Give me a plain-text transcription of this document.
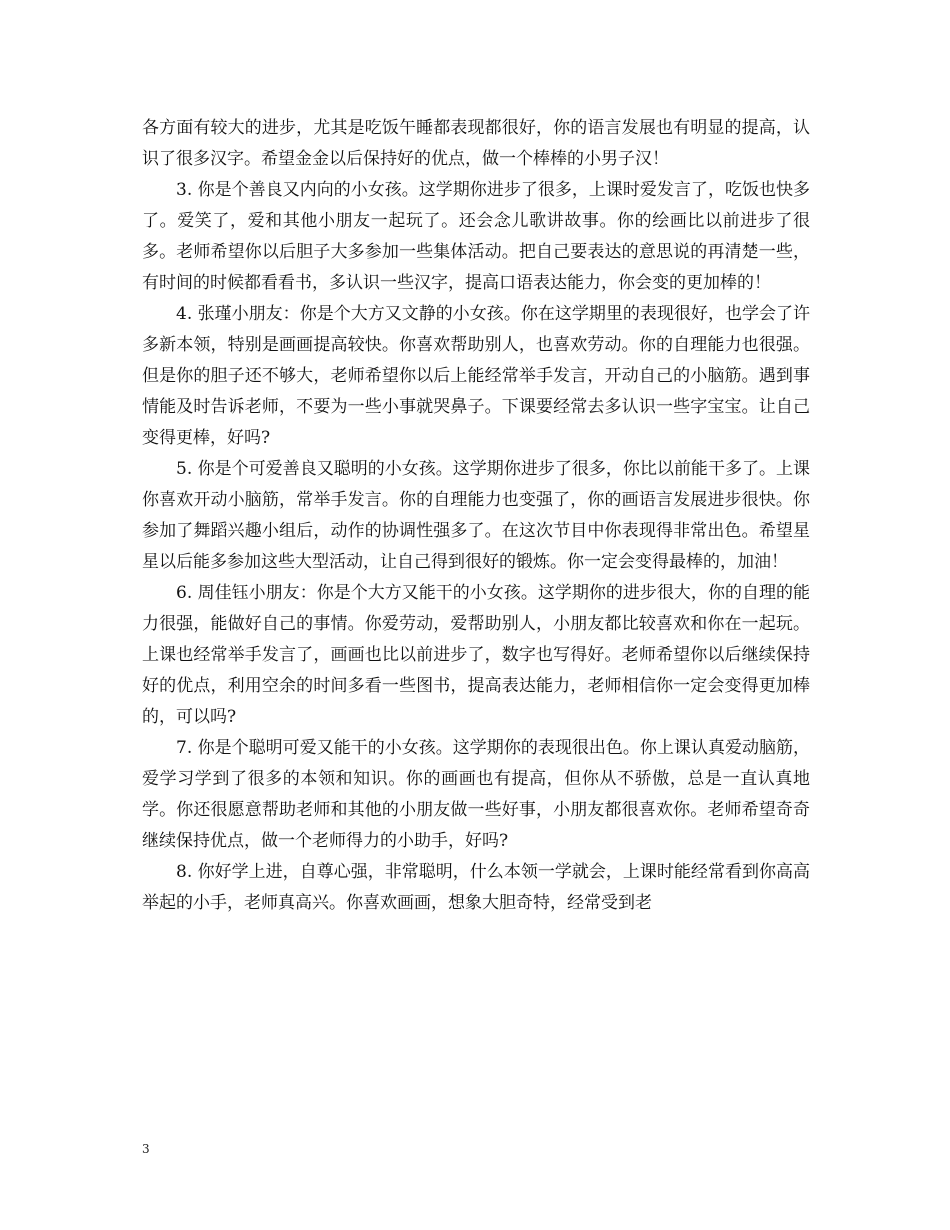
各方面有较大的进步，尤其是吃饭午睡都表现都很好，你的语言发展也有明显的提高，认识了很多汉字。希望金金以后保持好的优点，做一个棒棒的小男子汉！

3. 你是个善良又内向的小女孩。这学期你进步了很多，上课时爱发言了，吃饭也快多了。爱笑了，爱和其他小朋友一起玩了。还会念儿歌讲故事。你的绘画比以前进步了很多。老师希望你以后胆子大多参加一些集体活动。把自己要表达的意思说的再清楚一些，有时间的时候都看看书，多认识一些汉字，提高口语表达能力，你会变的更加棒的！

4. 张瑾小朋友：你是个大方又文静的小女孩。你在这学期里的表现很好，也学会了许多新本领，特别是画画提高较快。你喜欢帮助别人，也喜欢劳动。你的自理能力也很强。但是你的胆子还不够大，老师希望你以后上能经常举手发言，开动自己的小脑筋。遇到事情能及时告诉老师，不要为一些小事就哭鼻子。下课要经常去多认识一些字宝宝。让自己变得更棒，好吗?

5. 你是个可爱善良又聪明的小女孩。这学期你进步了很多，你比以前能干多了。上课你喜欢开动小脑筋，常举手发言。你的自理能力也变强了，你的画语言发展进步很快。你参加了舞蹈兴趣小组后，动作的协调性强多了。在这次节目中你表现得非常出色。希望星星以后能多参加这些大型活动，让自己得到很好的锻炼。你一定会变得最棒的，加油！

6. 周佳钰小朋友：你是个大方又能干的小女孩。这学期你的进步很大，你的自理的能力很强，能做好自己的事情。你爱劳动，爱帮助别人，小朋友都比较喜欢和你在一起玩。上课也经常举手发言了，画画也比以前进步了，数字也写得好。老师希望你以后继续保持好的优点，利用空余的时间多看一些图书，提高表达能力，老师相信你一定会变得更加棒的，可以吗?

7. 你是个聪明可爱又能干的小女孩。这学期你的表现很出色。你上课认真爱动脑筋，爱学习学到了很多的本领和知识。你的画画也有提高，但你从不骄傲，总是一直认真地学。你还很愿意帮助老师和其他的小朋友做一些好事，小朋友都很喜欢你。老师希望奇奇继续保持优点，做一个老师得力的小助手，好吗?

8. 你好学上进，自尊心强，非常聪明，什么本领一学就会，上课时能经常看到你高高举起的小手，老师真高兴。你喜欢画画，想象大胆奇特，经常受到老

3
